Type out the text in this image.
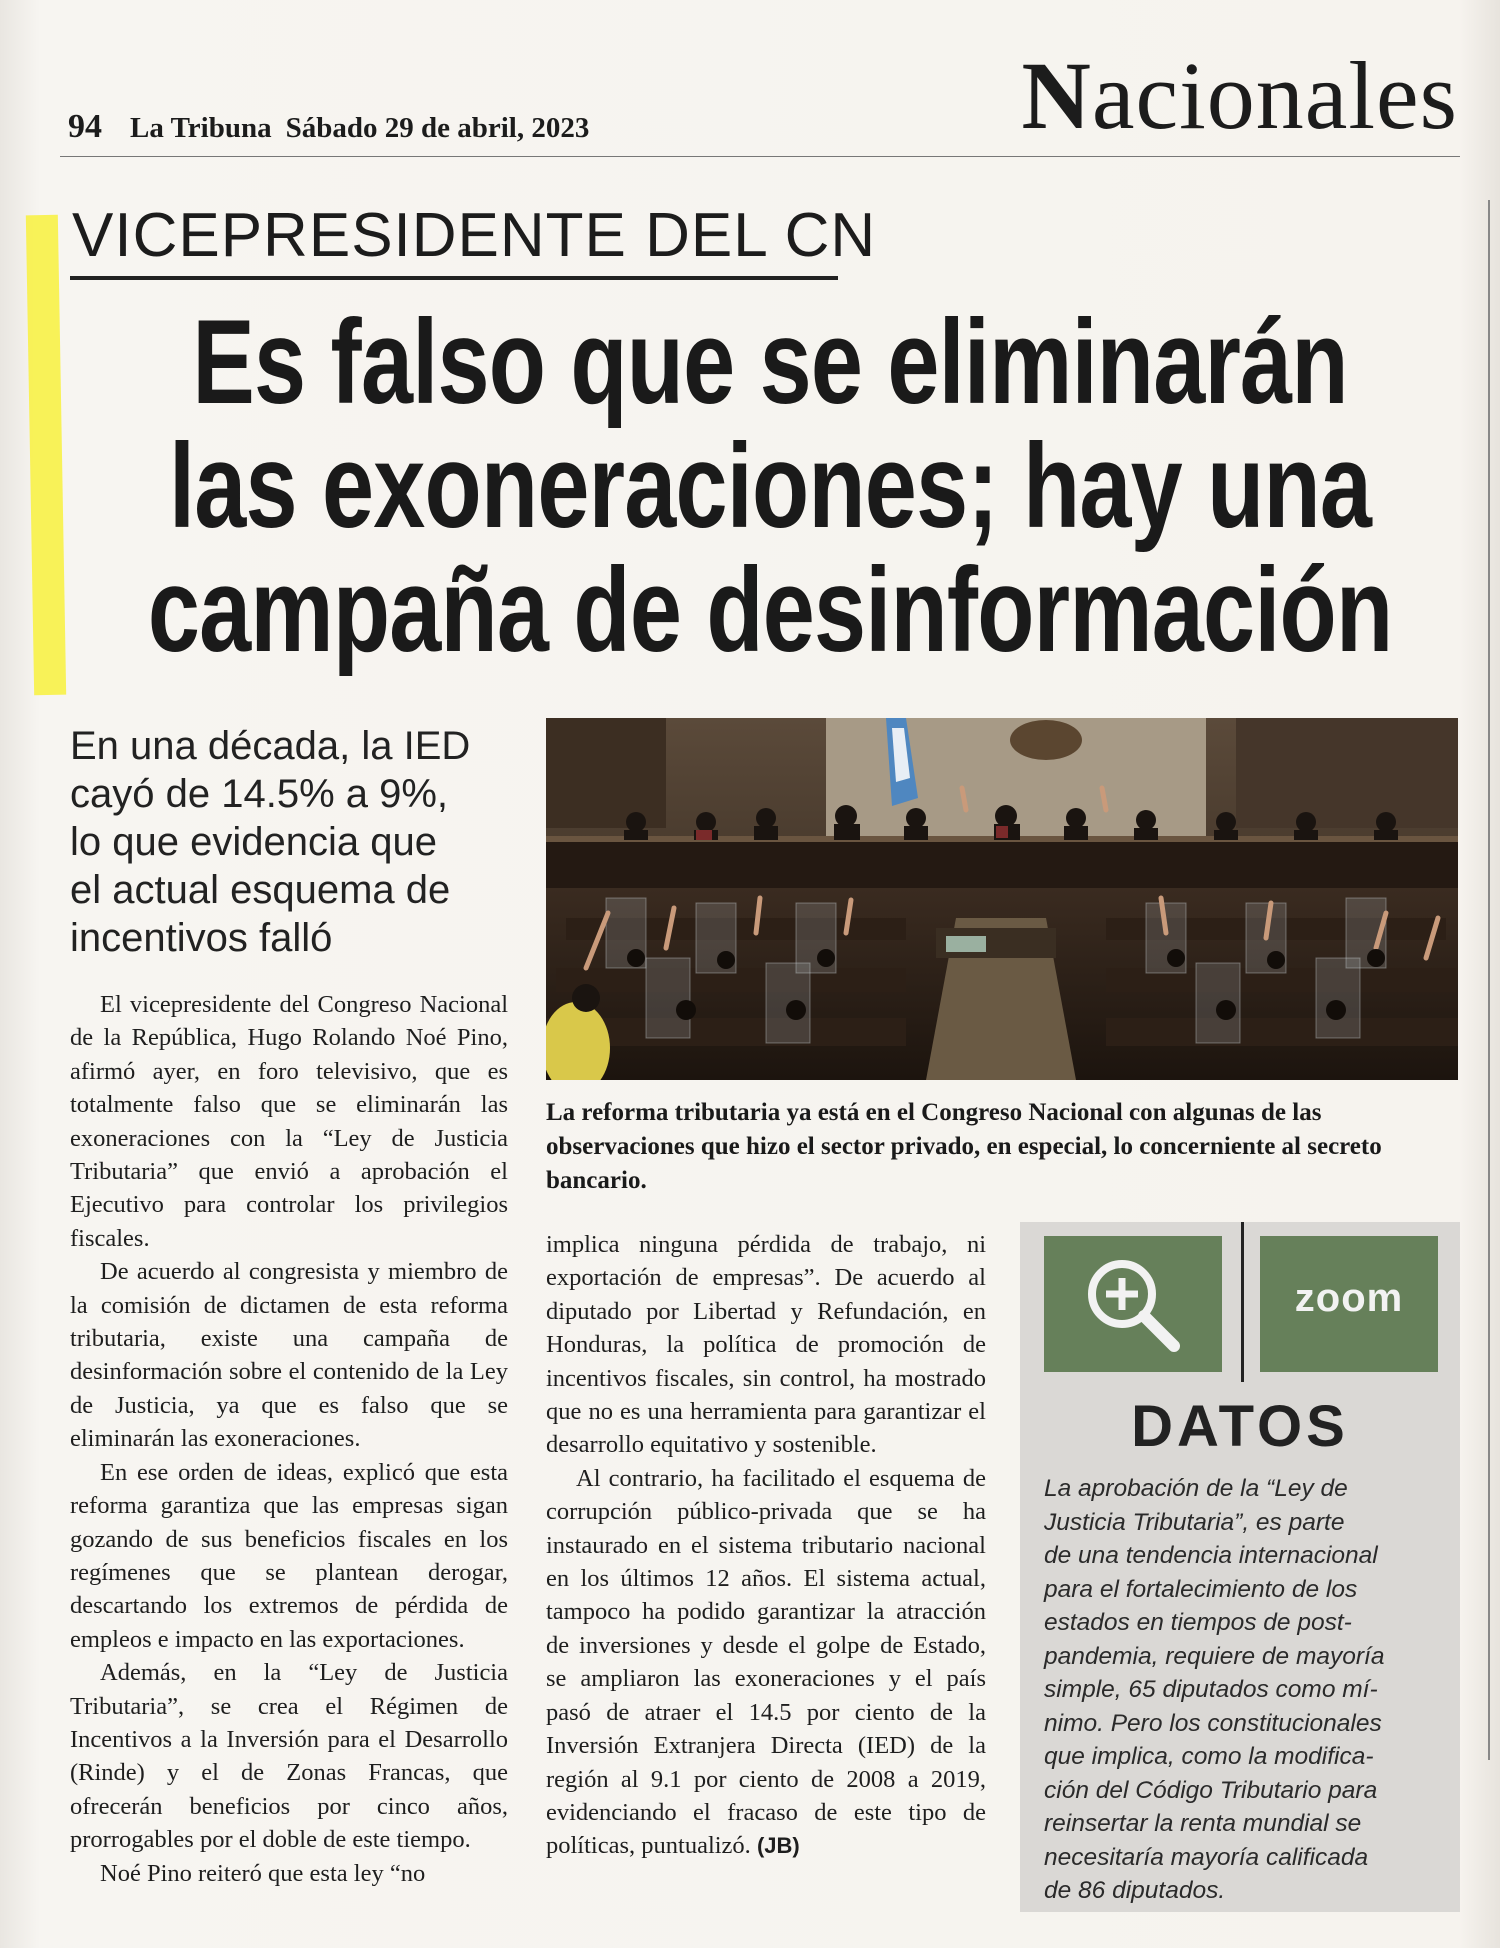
94 La Tribuna Sábado 29 de abril, 2023	Nacionales
VICEPRESIDENTE DEL CN
Es falso que se eliminarán
las exoneraciones; hay una
campaña de desinformación
En una década, la IED
cayó de 14.5% a 9%,
lo que evidencia que
el actual esquema de
incentivos falló
La reforma tributaria ya está en el Congreso Nacional con algunas de las observaciones que hizo el sector privado, en especial, lo concerniente al secreto bancario.

El vicepresidente del Congreso Nacional de la República, Hugo Rolando Noé Pino, afirmó ayer, en foro televisivo, que es totalmente falso que se eliminarán las exoneraciones con la “Ley de Justicia Tributaria” que envió a aprobación el Ejecutivo para controlar los privilegios fiscales.

De acuerdo al congresista y miembro de la comisión de dictamen de esta reforma tributaria, existe una campaña de desinformación sobre el contenido de la Ley de Justicia, ya que es falso que se eliminarán las exoneraciones.

En ese orden de ideas, explicó que esta reforma garantiza que las empresas sigan gozando de sus beneficios fiscales en los regímenes que se plantean derogar, descartando los extremos de pérdida de empleos e impacto en las exportaciones.

Además, en la “Ley de Justicia Tributaria”, se crea el Régimen de Incentivos a la Inversión para el Desarrollo (Rinde) y el de Zonas Francas, que ofrecerán beneficios por cinco años, prorrogables por el doble de este tiempo.

Noé Pino reiteró que esta ley “no

implica ninguna pérdida de trabajo, ni exportación de empresas”. De acuerdo al diputado por Libertad y Refundación, en Honduras, la política de promoción de incentivos fiscales, sin control, ha mostrado que no es una herramienta para garantizar el desarrollo equitativo y sostenible.

Al contrario, ha facilitado el esquema de corrupción público-privada que se ha instaurado en el sistema tributario nacional en los últimos 12 años. El sistema actual, tampoco ha podido garantizar la atracción de inversiones y desde el golpe de Estado, se ampliaron las exoneraciones y el país pasó de atraer el 14.5 por ciento de la Inversión Extranjera Directa (IED) de la región al 9.1 por ciento de 2008 a 2019, evidenciando el fracaso de este tipo de políticas, puntualizó. (JB)

zoom
DATOS
La aprobación de la “Ley de
Justicia Tributaria”, es parte
de una tendencia internacional
para el fortalecimiento de los
estados en tiempos de post-
pandemia, requiere de mayoría
simple, 65 diputados como mí-
nimo. Pero los constitucionales
que implica, como la modifica-
ción del Código Tributario para
reinsertar la renta mundial se
necesitaría mayoría calificada
de 86 diputados.
